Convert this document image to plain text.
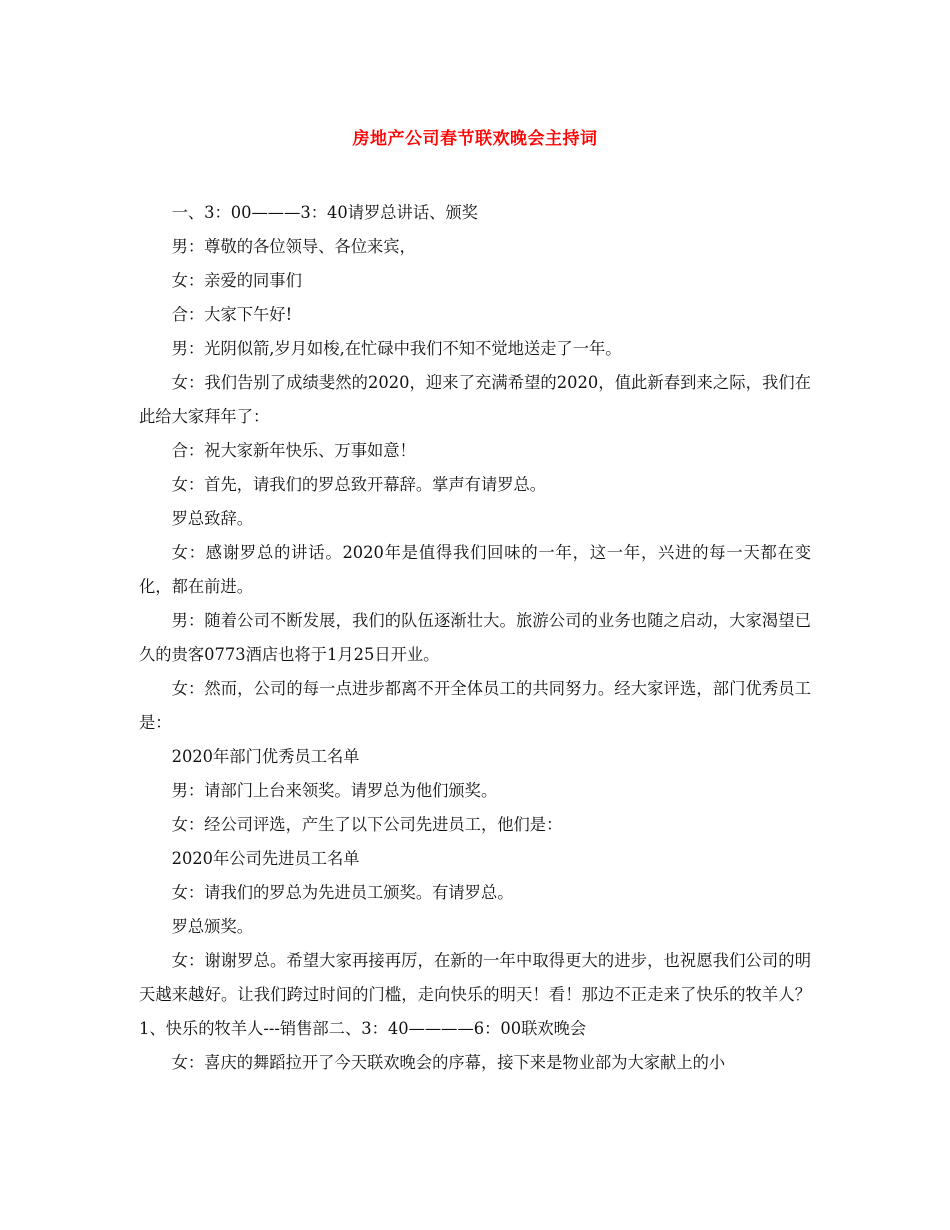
房地产公司春节联欢晚会主持词

一、3：00———3：40请罗总讲话、颁奖

男：尊敬的各位领导、各位来宾，

女：亲爱的同事们

合：大家下午好!

男：光阴似箭,岁月如梭,在忙碌中我们不知不觉地送走了一年。

女：我们告别了成绩斐然的2020，迎来了充满希望的2020，值此新春到来之际，我们在此给大家拜年了：

合：祝大家新年快乐、万事如意！

女：首先，请我们的罗总致开幕辞。掌声有请罗总。

罗总致辞。

女：感谢罗总的讲话。2020年是值得我们回味的一年，这一年，兴进的每一天都在变化，都在前进。

男：随着公司不断发展，我们的队伍逐渐壮大。旅游公司的业务也随之启动，大家渴望已久的贵客0773酒店也将于1月25日开业。

女：然而，公司的每一点进步都离不开全体员工的共同努力。经大家评选，部门优秀员工是：

2020年部门优秀员工名单

男：请部门上台来领奖。请罗总为他们颁奖。

女：经公司评选，产生了以下公司先进员工，他们是：

2020年公司先进员工名单

女：请我们的罗总为先进员工颁奖。有请罗总。

罗总颁奖。

女：谢谢罗总。希望大家再接再厉，在新的一年中取得更大的进步，也祝愿我们公司的明天越来越好。让我们跨过时间的门槛，走向快乐的明天！看！那边不正走来了快乐的牧羊人？1、快乐的牧羊人---销售部二、3：40————6：00联欢晚会

女：喜庆的舞蹈拉开了今天联欢晚会的序幕，接下来是物业部为大家献上的小
